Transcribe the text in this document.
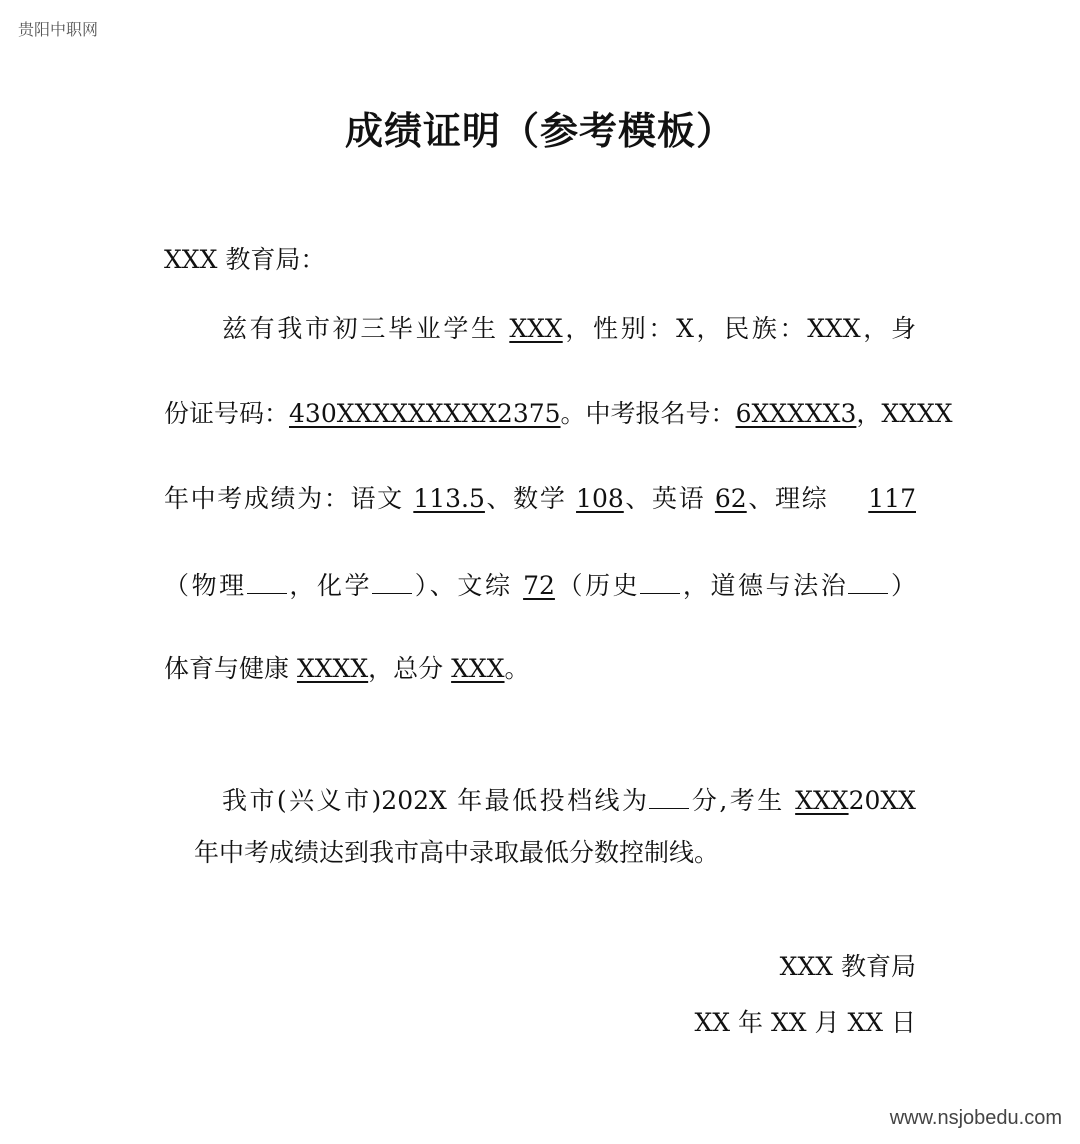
贵阳中职网
成绩证明（参考模板）
XXX 教育局：
兹有我市初三毕业学生 XXX，性别：X，民族：XXX，身
份证号码：430XXXXXXXXX2375。中考报名号：6XXXXX3，XXXX
年中考成绩为：语文 113.5、数学 108、英语 62、理综 117
（物理 ，化学 ）、文综 72（历史 ，道德与法治 ）
体育与健康 XXXX，总分 XXX。
我市(兴义市)202X 年最低投档线为 分,考生 XXX20XX
年中考成绩达到我市高中录取最低分数控制线。
XXX 教育局
XX 年 XX 月 XX 日
www.nsjobedu.com
